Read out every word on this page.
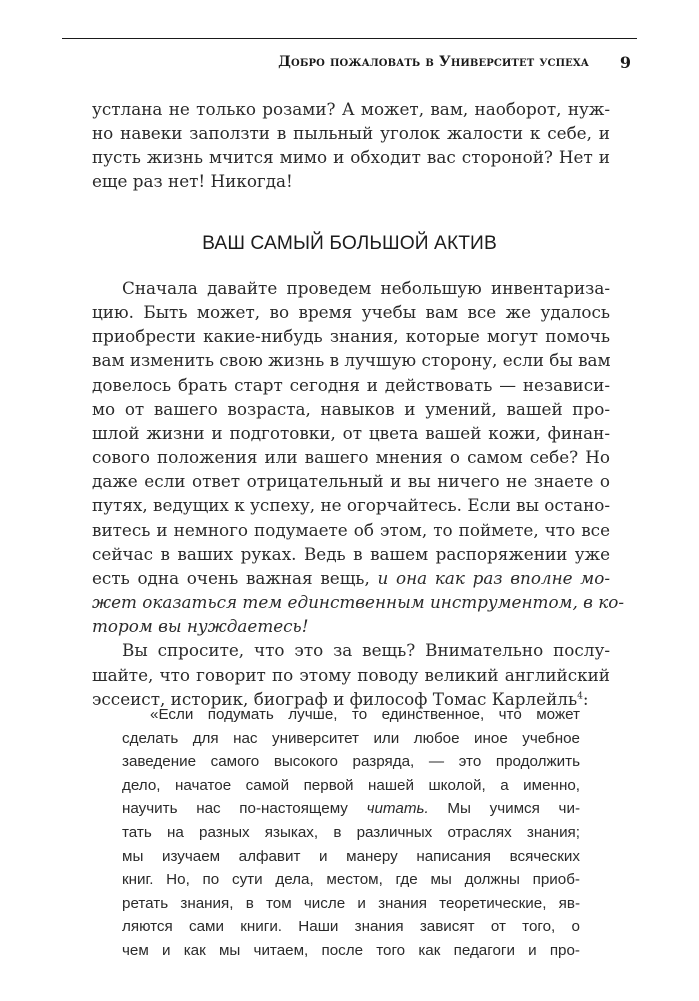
Добро пожаловать в Университет успеха 9
устлана не только розами? А может, вам, наоборот, нуж-
но навеки заползти в пыльный уголок жалости к себе, и
пусть жизнь мчится мимо и обходит вас стороной? Нет и
еще раз нет! Никогда!
ВАШ САМЫЙ БОЛЬШОЙ АКТИВ
Сначала давайте проведем небольшую инвентариза-
цию. Быть может, во время учебы вам все же удалось
приобрести какие-нибудь знания, которые могут помочь
вам изменить свою жизнь в лучшую сторону, если бы вам
довелось брать старт сегодня и действовать — независи-
мо от вашего возраста, навыков и умений, вашей про-
шлой жизни и подготовки, от цвета вашей кожи, финан-
сового положения или вашего мнения о самом себе? Но
даже если ответ отрицательный и вы ничего не знаете о
путях, ведущих к успеху, не огорчайтесь. Если вы остано-
витесь и немного подумаете об этом, то поймете, что все
сейчас в ваших руках. Ведь в вашем распоряжении уже
есть одна очень важная вещь, и она как раз вполне мо-
жет оказаться тем единственным инструментом, в ко-
тором вы нуждаетесь!
Вы спросите, что это за вещь? Внимательно послу-
шайте, что говорит по этому поводу великий английский
эссеист, историк, биограф и философ Томас Карлейль$^4$:
«Если подумать лучше, то единственное, что может
сделать для нас университет или любое иное учебное
заведение самого высокого разряда, — это продолжить
дело, начатое самой первой нашей школой, а именно,
научить нас по-настоящему читать. Мы учимся чи-
тать на разных языках, в различных отраслях знания;
мы изучаем алфавит и манеру написания всяческих
книг. Но, по сути дела, местом, где мы должны приоб-
ретать знания, в том числе и знания теоретические, яв-
ляются сами книги. Наши знания зависят от того, о
чем и как мы читаем, после того как педагоги и про-
